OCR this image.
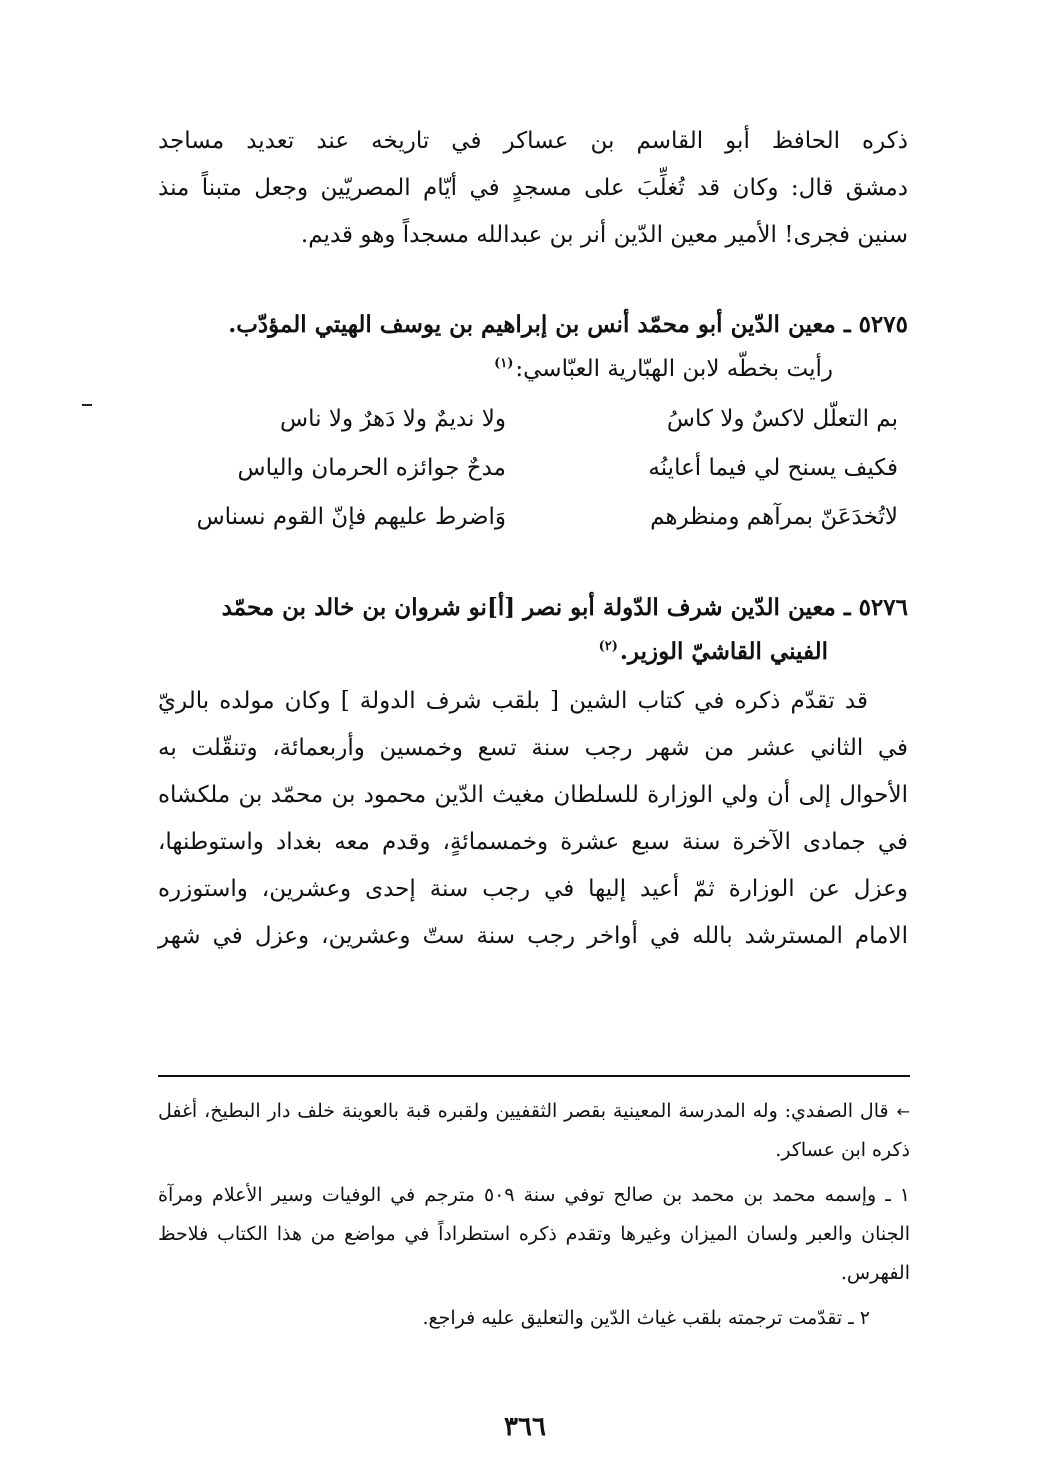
ذكره الحافظ أبو القاسم بن عساكر في تاريخه عند تعديد مساجد
دمشق قال: وكان قد تُغلِّبَ على مسجدٍ في أيّام المصريّين وجعل متبناً منذ
سنين فجرى! الأمير معين الدّين أنر بن عبدالله مسجداً وهو قديم.
٥٢٧٥ ـ معين الدّين أبو محمّد أنس بن إبراهيم بن يوسف الهيتي المؤدّب.
رأيت بخطّه لابن الهبّارية العبّاسي:$^{(١)}$
بم التعلّل لاكسٌ ولا كاسُ
ولا نديمٌ ولا دَهرٌ ولا ناس
فكيف يسنح لي فيما أعاينُه
مدحٌ جوائزه الحرمان والياس
لاتُخدَعَنّ بمرآهم ومنظرهم
وَاضرط عليهم فإنّ القوم نسناس
٥٢٧٦ ـ معين الدّين شرف الدّولة أبو نصر [أ]نو شروان بن خالد بن محمّد
الفيني القاشيّ الوزير.$^{(٢)}$
قد تقدّم ذكره في كتاب الشين [ بلقب شرف الدولة ] وكان مولده بالريّ
في الثاني عشر من شهر رجب سنة تسع وخمسين وأربعمائة، وتنقّلت به
الأحوال إلى أن ولي الوزارة للسلطان مغيث الدّين محمود بن محمّد بن ملكشاه
في جمادى الآخرة سنة سبع عشرة وخمسمائةٍ، وقدم معه بغداد واستوطنها،
وعزل عن الوزارة ثمّ أعيد إليها في رجب سنة إحدى وعشرين، واستوزره
الامام المسترشد بالله في أواخر رجب سنة ستّ وعشرين، وعزل في شهر

←قال الصفدي: وله المدرسة المعينية بقصر الثقفيين ولقبره قبة بالعوينة خلف دار البطيخ، أغفل ذكره ابن عساكر.

١ ـ وإسمه محمد بن محمد بن صالح توفي سنة ٥٠٩ مترجم في الوفيات وسير الأعلام ومرآة الجنان والعبر ولسان الميزان وغيرها وتقدم ذكره استطراداً في مواضع من هذا الكتاب فلاحظ الفهرس.

٢ ـ تقدّمت ترجمته بلقب غياث الدّين والتعليق عليه فراجع.

٣٦٦
